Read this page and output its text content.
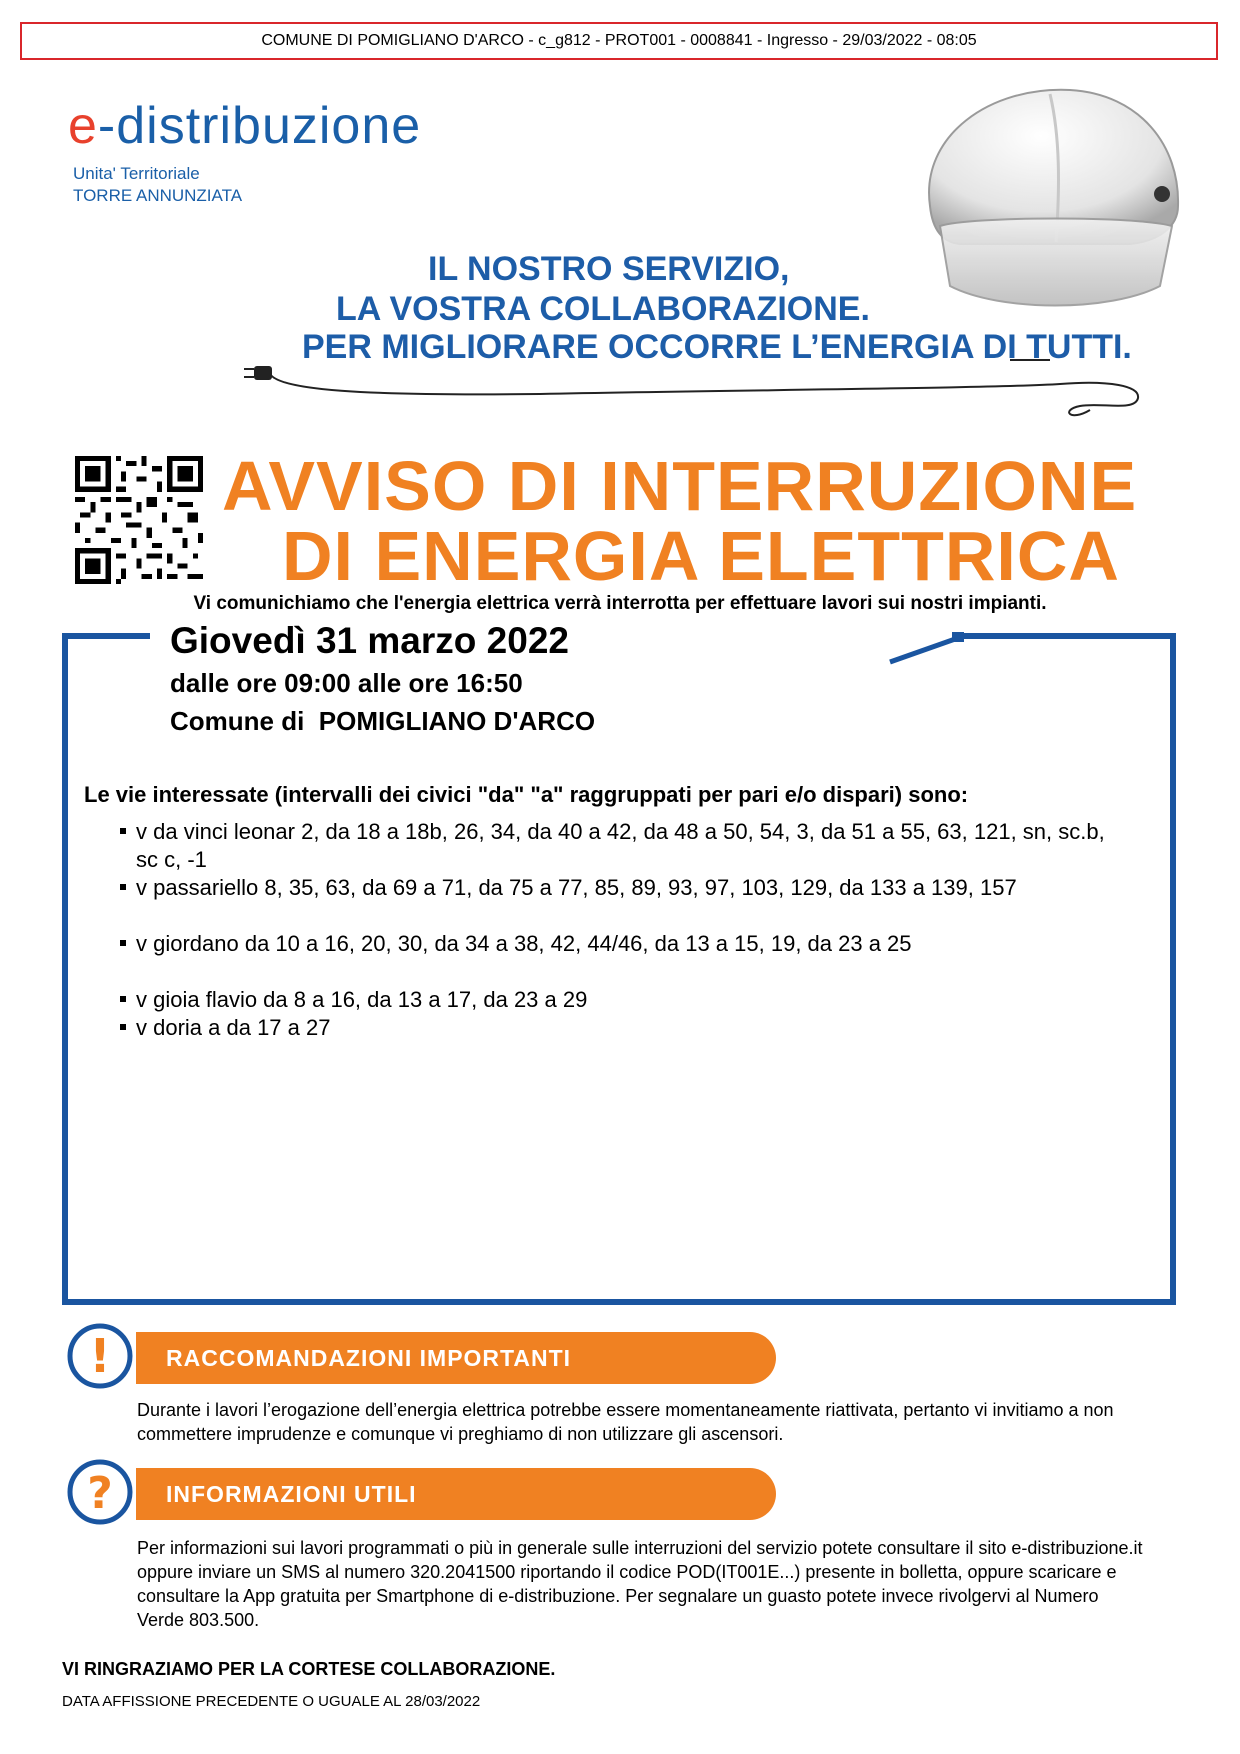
COMUNE DI POMIGLIANO D'ARCO - c_g812 - PROT001 - 0008841 - Ingresso - 29/03/2022 - 08:05
e-distribuzione
Unita' Territoriale
TORRE ANNUNZIATA
IL NOSTRO SERVIZIO,
LA VOSTRA COLLABORAZIONE.
PER MIGLIORARE OCCORRE L’ENERGIA DI TUTTI.
AVVISO DI INTERRUZIONE
DI ENERGIA ELETTRICA
Vi comunichiamo che l'energia elettrica verrà interrotta per effettuare lavori sui nostri impianti.
Giovedì 31 marzo 2022
dalle ore 09:00 alle ore 16:50
Comune di  POMIGLIANO D'ARCO
Le vie interessate (intervalli dei civici "da" "a" raggruppati per pari e/o dispari) sono:
v da vinci leonar 2, da 18 a 18b, 26, 34, da 40 a 42, da 48 a 50, 54, 3, da 51 a 55, 63, 121, sn, sc.b, sc c, -1
v passariello 8, 35, 63, da 69 a 71, da 75 a 77, 85, 89, 93, 97, 103, 129, da 133 a 139, 157
v giordano da 10 a 16, 20, 30, da 34 a 38, 42, 44/46, da 13 a 15, 19, da 23 a 25
v gioia flavio da 8 a 16, da 13 a 17, da 23 a 29
v doria a da 17 a 27
RACCOMANDAZIONI IMPORTANTI
!
Durante i lavori l’erogazione dell’energia elettrica potrebbe essere momentaneamente riattivata, pertanto vi invitiamo a non commettere imprudenze e comunque vi preghiamo di non utilizzare gli ascensori.
INFORMAZIONI UTILI
?
Per informazioni sui lavori programmati o più in generale sulle interruzioni del servizio potete consultare il sito e-distribuzione.it oppure inviare un SMS al numero 320.2041500 riportando il codice POD(IT001E...) presente in bolletta, oppure scaricare e consultare la App gratuita per Smartphone di e-distribuzione. Per segnalare un guasto potete invece rivolgervi al Numero Verde 803.500.
VI RINGRAZIAMO PER LA CORTESE COLLABORAZIONE.
DATA AFFISSIONE PRECEDENTE O UGUALE AL 28/03/2022
